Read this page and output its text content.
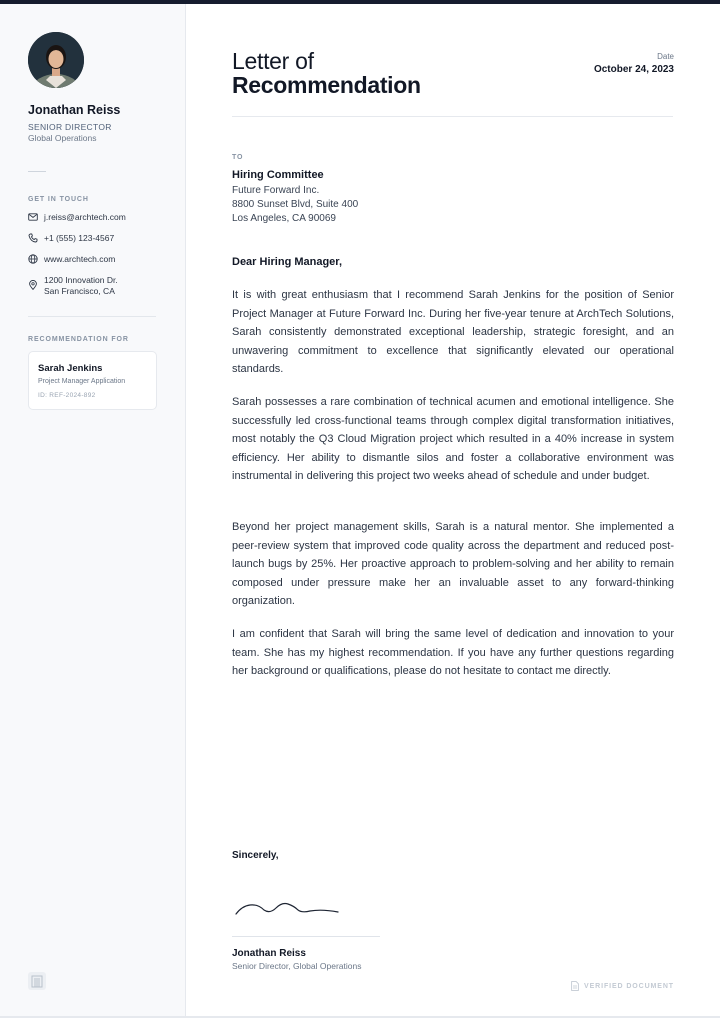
Jonathan Reiss
SENIOR DIRECTOR
Global Operations
GET IN TOUCH
j.reiss@archtech.com
+1 (555) 123-4567
www.archtech.com
1200 Innovation Dr.
San Francisco, CA
RECOMMENDATION FOR
Sarah Jenkins
Project Manager Application
ID: REF-2024-892
Letter of
Recommendation
Date
October 24, 2023
TO
Hiring Committee
Future Forward Inc.
8800 Sunset Blvd, Suite 400
Los Angeles, CA 90069
Dear Hiring Manager,

It is with great enthusiasm that I recommend Sarah Jenkins for the position of Senior Project Manager at Future Forward Inc. During her five-year tenure at ArchTech Solutions, Sarah consistently demonstrated exceptional leadership, strategic foresight, and an unwavering commitment to excellence that significantly elevated our operational standards.

Sarah possesses a rare combination of technical acumen and emotional intelligence. She successfully led cross-functional teams through complex digital transformation initiatives, most notably the Q3 Cloud Migration project which resulted in a 40% increase in system efficiency. Her ability to dismantle silos and foster a collaborative environment was instrumental in delivering this project two weeks ahead of schedule and under budget.

Beyond her project management skills, Sarah is a natural mentor. She implemented a peer-review system that improved code quality across the department and reduced post-launch bugs by 25%. Her proactive approach to problem-solving and her ability to remain composed under pressure make her an invaluable asset to any forward-thinking organization.

I am confident that Sarah will bring the same level of dedication and innovation to your team. She has my highest recommendation. If you have any further questions regarding her background or qualifications, please do not hesitate to contact me directly.

Sincerely,
Jonathan Reiss
Senior Director, Global Operations
VERIFIED DOCUMENT
